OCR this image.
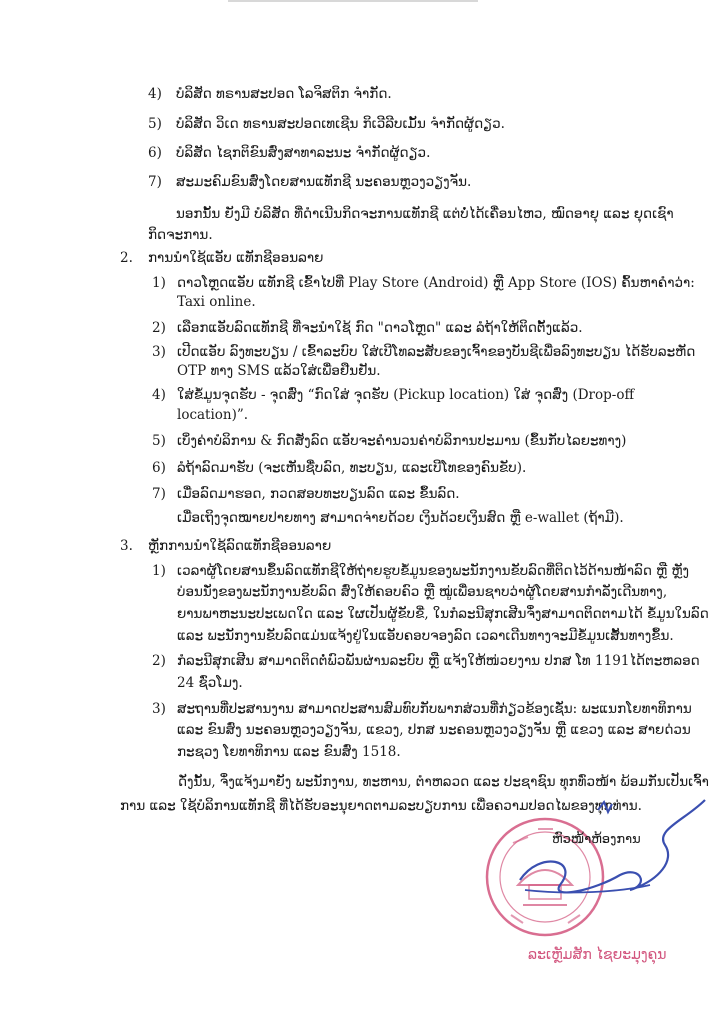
4) ບໍລິສັດ ທຣານສະປອດ ໂລຈິສຕິກ ຈຳກັດ.
5) ບໍລິສັດ ວິເດ ທຣານສະປອດເທເຊີນ ກິເວີລີບເມັ້ນ ຈຳກັດຜູ້ດຽວ.
6) ບໍລິສັດ ໄຊກຕິຂົນສົ່ງສາທາລະນະ ຈຳກັດຜູ້ດຽວ.
7) ສະມະຄົມຂົນສົ່ງໂດຍສານແທັກຊີ ນະຄອນຫຼວງວຽງຈັນ.
ນອກນັ້ນ ຍັງມີ ບໍລິສັດ ທີ່ດຳເນີນກິດຈະການແທັກຊີ ແຕ່ບໍ່ໄດ້ເຄື່ອນໄຫວ, ໝົດອາຍຸ ແລະ ຍຸດເຊົາ
ກິດຈະການ.
2. ການນຳໃຊ້ແອັບ ແທັກຊີອອນລາຍ
1) ດາວໂຫຼດແອັບ ແທັກຊີ ເຂົ້າໄປທີ່ Play Store (Android) ຫຼື App Store (IOS) ຄົ້ນຫາຄຳວ່າ:
Taxi online.
2) ເລືອກແອັບລົດແທັກຊີ ທີ່ຈະນຳໃຊ້ ກົດ "ດາວໂຫຼດ" ແລະ ລໍຖ້າໃຫ້ຕິດຕັ້ງແລ້ວ.
3) ເປີດແອັບ ລົງທະບຽນ / ເຂົ້າລະບົບ ໃສ່ເບີໂທລະສັບຂອງເຈົ້າຂອງບັນຊີເພື່ອລົງທະບຽນ ໄດ້ຮັບລະຫັດ
OTP ທາງ SMS ແລ້ວໃສ່ເພື່ອຢືນຢັນ.
4) ໃສ່ຂໍ້ມູນຈຸດຮັບ - ຈຸດສົ່ງ “ກົດໃສ່ ຈຸດຮັບ (Pickup location) ໃສ່ ຈຸດສົ່ງ (Drop-off
location)”.
5) ເບິ່ງຄ່າບໍລິການ & ກົດສັ່ງລົດ ແອັບຈະຄຳນວນຄ່າບໍລິການປະມານ (ຂຶ້ນກັບໄລຍະທາງ)
6) ລໍຖ້າລົດມາຮັບ (ຈະເຫັນຊື່ບລົດ, ທະບຽນ, ແລະເບີໂທຂອງຄົນຂັບ).
7) ເມື່ອລົດມາຮອດ, ກວດສອບທະບຽນລົດ ແລະ ຂຶ້ນລົດ.
ເມື່ອເຖິງຈຸດໝາຍປາຍທາງ ສາມາດຈ່າຍດ້ວຍ ເງິນດ້ວຍເງິນສົດ ຫຼື e-wallet (ຖ້າມີ).
3. ຫຼັກການນຳໃຊ້ລົດແທັກຊີອອນລາຍ
1) ເວລາຜູ້ໂດຍສານຂຶ້ນລົດແທັກຊີໃຫ້ຖ່າຍຮູບຂໍ້ມູນຂອງພະນັກງານຂັບລົດທີ່ຕິດໄວ້ດ້ານໜ້າລົດ ຫຼື ຫຼັງ
ບ່ອນນັ່ງຂອງພະນັກງານຂັບລົດ ສົ່ງໃຫ້ຄອບຄົວ ຫຼື ໝູ່ເພື່ອນຊາບວ່າຜູ້ໂດຍສານກຳລັງເດີນທາງ,
ຍານພາຫະນະປະເພດໃດ ແລະ ໃຜເປັນຜູ້ຂັບຂີ່, ໃນກໍລະນີສຸກເສີນຈຶ່ງສາມາດຕິດຕາມໄດ້ ຂໍ້ມູນໃນລົດ
ແລະ ພະນັກງານຂັບລົດແມ່ນແຈ້ງຢູ່ໃນແອັບຄອບຈອງລົດ ເວລາເດີນທາງຈະມີຂໍ້ມູນເສັ້ນທາງຂຶ້ນ.
2) ກໍລະນີສຸກເສີນ ສາມາດຕິດຕໍ່ພົວພັນຜ່ານລະບົບ ຫຼື ແຈ້ງໃຫ້ໜ່ວຍງານ ປກສ ໂທ 1191ໄດ້ຕະຫລອດ
24 ຊົ່ວໂມງ.
3) ສະຖານທີ່ປະສານງານ ສາມາດປະສານສົມທົບກັບພາກສ່ວນທີ່ກ່ຽວຂ້ອງເຊັ່ນ: ພະແນກໂຍທາທິການ
ແລະ ຂົນສົ່ງ ນະຄອນຫຼວງວຽງຈັນ, ແຂວງ, ປກສ ນະຄອນຫຼວງວຽງຈັນ ຫຼື ແຂວງ ແລະ ສາຍດ່ວນ
ກະຊວງ ໂຍທາທິການ ແລະ ຂົນສົ່ງ 1518.
ດັ່ງນັ້ນ, ຈຶ່ງແຈ້ງມາຍັງ ພະນັກງານ, ທະຫານ, ຕຳຫລວດ ແລະ ປະຊາຊົນ ທຸກທົ່ວໜ້າ ພ້ອມກັນເປັນເຈົ້າ
ການ ແລະ ໃຊ້ບໍລິການແທັກຊີ ທີ່ໄດ້ຮັບອະນຸຍາດຕາມລະບຽບການ ເພື່ອຄວາມປອດໄພຂອງທຸກທ່ານ.
ຫົວໜ້າຫ້ອງການ
ລະເຫຼັມສັກ ໄຊຍະມຸງຄຸນ
